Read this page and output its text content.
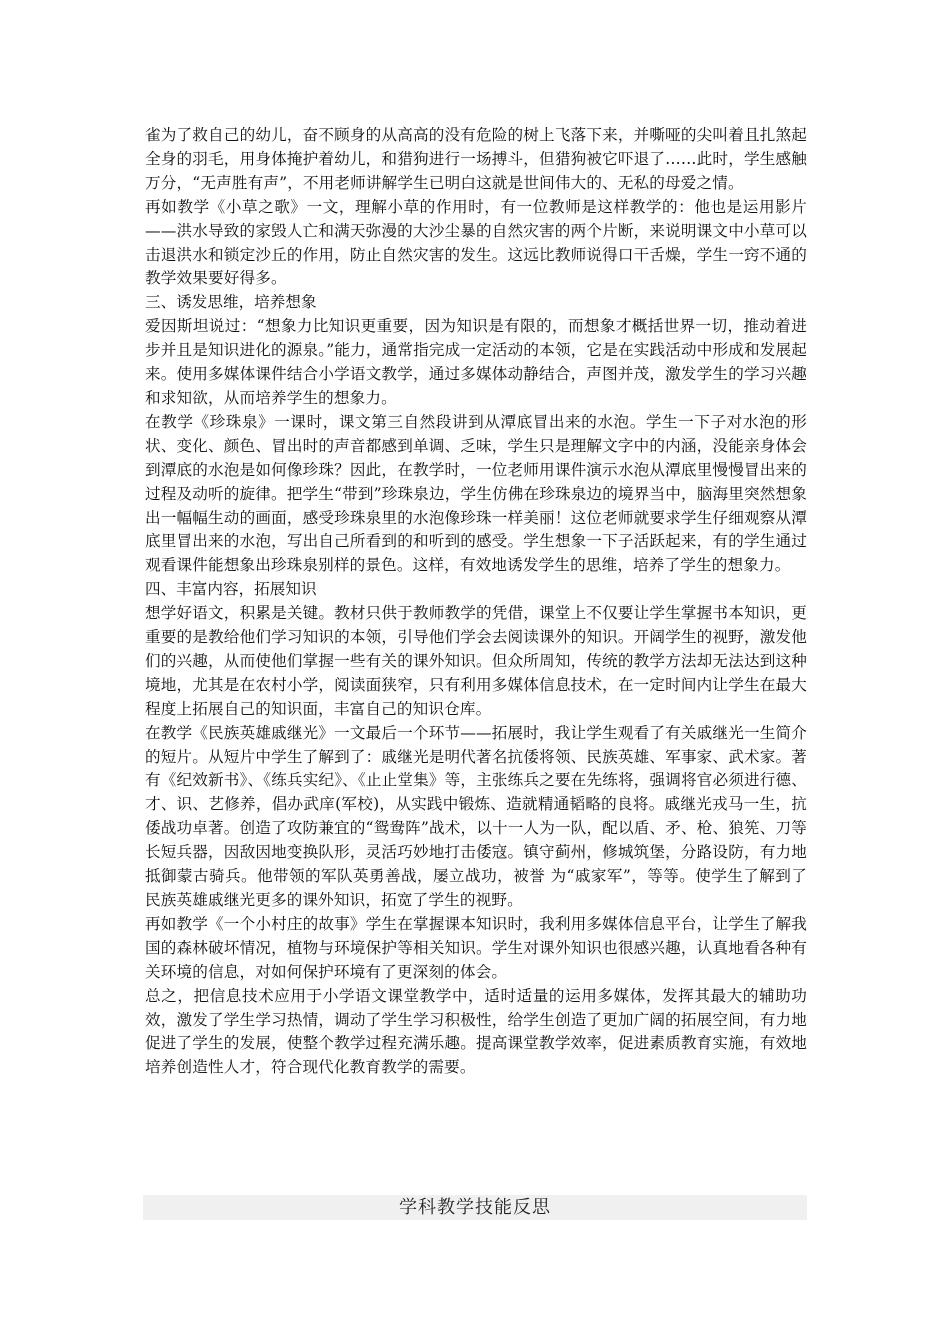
雀为了救自己的幼儿，奋不顾身的从高高的没有危险的树上飞落下来，并嘶哑的尖叫着且扎煞起全身的羽毛，用身体掩护着幼儿，和猎狗进行一场搏斗，但猎狗被它吓退了……此时，学生感触万分，“无声胜有声”，不用老师讲解学生已明白这就是世间伟大的、无私的母爱之情。

再如教学《小草之歌》一文，理解小草的作用时，有一位教师是这样教学的：他也是运用影片——洪水导致的家毁人亡和满天弥漫的大沙尘暴的自然灾害的两个片断，来说明课文中小草可以击退洪水和锁定沙丘的作用，防止自然灾害的发生。这远比教师说得口干舌燥，学生一窍不通的教学效果要好得多。

三、诱发思维，培养想象

爱因斯坦说过：“想象力比知识更重要，因为知识是有限的，而想象才概括世界一切，推动着进步并且是知识进化的源泉。”能力，通常指完成一定活动的本领，它是在实践活动中形成和发展起来。使用多媒体课件结合小学语文教学，通过多媒体动静结合，声图并茂，激发学生的学习兴趣和求知欲，从而培养学生的想象力。

在教学《珍珠泉》一课时，课文第三自然段讲到从潭底冒出来的水泡。学生一下子对水泡的形状、变化、颜色、冒出时的声音都感到单调、乏味，学生只是理解文字中的内涵，没能亲身体会到潭底的水泡是如何像珍珠？因此，在教学时，一位老师用课件演示水泡从潭底里慢慢冒出来的过程及动听的旋律。把学生“带到”珍珠泉边，学生仿佛在珍珠泉边的境界当中，脑海里突然想象出一幅幅生动的画面，感受珍珠泉里的水泡像珍珠一样美丽！这位老师就要求学生仔细观察从潭底里冒出来的水泡，写出自己所看到的和听到的感受。学生想象一下子活跃起来，有的学生通过观看课件能想象出珍珠泉别样的景色。这样，有效地诱发学生的思维，培养了学生的想象力。

四、丰富内容，拓展知识

想学好语文，积累是关键。教材只供于教师教学的凭借，课堂上不仅要让学生掌握书本知识，更重要的是教给他们学习知识的本领，引导他们学会去阅读课外的知识。开阔学生的视野，激发他们的兴趣，从而使他们掌握一些有关的课外知识。但众所周知，传统的教学方法却无法达到这种境地，尤其是在农村小学，阅读面狭窄，只有利用多媒体信息技术，在一定时间内让学生在最大程度上拓展自己的知识面，丰富自己的知识仓库。

在教学《民族英雄戚继光》一文最后一个环节——拓展时，我让学生观看了有关戚继光一生简介的短片。从短片中学生了解到了：戚继光是明代著名抗倭将领、民族英雄、军事家、武术家。著有《纪效新书》、《练兵实纪》、《止止堂集》等，主张练兵之要在先练将，强调将官必须进行德、才、识、艺修养，倡办武庠(军校)，从实践中锻炼、造就精通韬略的良将。戚继光戎马一生，抗倭战功卓著。创造了攻防兼宜的“鸳鸯阵”战术，以十一人为一队，配以盾、矛、枪、狼筅、刀等长短兵器，因敌因地变换队形，灵活巧妙地打击倭寇。镇守蓟州，修城筑堡，分路设防，有力地抵御蒙古骑兵。他带领的军队英勇善战，屡立战功，被誉 为“戚家军”，等等。使学生了解到了民族英雄戚继光更多的课外知识，拓宽了学生的视野。

再如教学《一个小村庄的故事》学生在掌握课本知识时，我利用多媒体信息平台，让学生了解我国的森林破坏情况，植物与环境保护等相关知识。学生对课外知识也很感兴趣，认真地看各种有关环境的信息，对如何保护环境有了更深刻的体会。

总之，把信息技术应用于小学语文课堂教学中，适时适量的运用多媒体，发挥其最大的辅助功效，激发了学生学习热情，调动了学生学习积极性，给学生创造了更加广阔的拓展空间，有力地促进了学生的发展，使整个教学过程充满乐趣。提高课堂教学效率，促进素质教育实施，有效地培养创造性人才，符合现代化教育教学的需要。

学科教学技能反思
